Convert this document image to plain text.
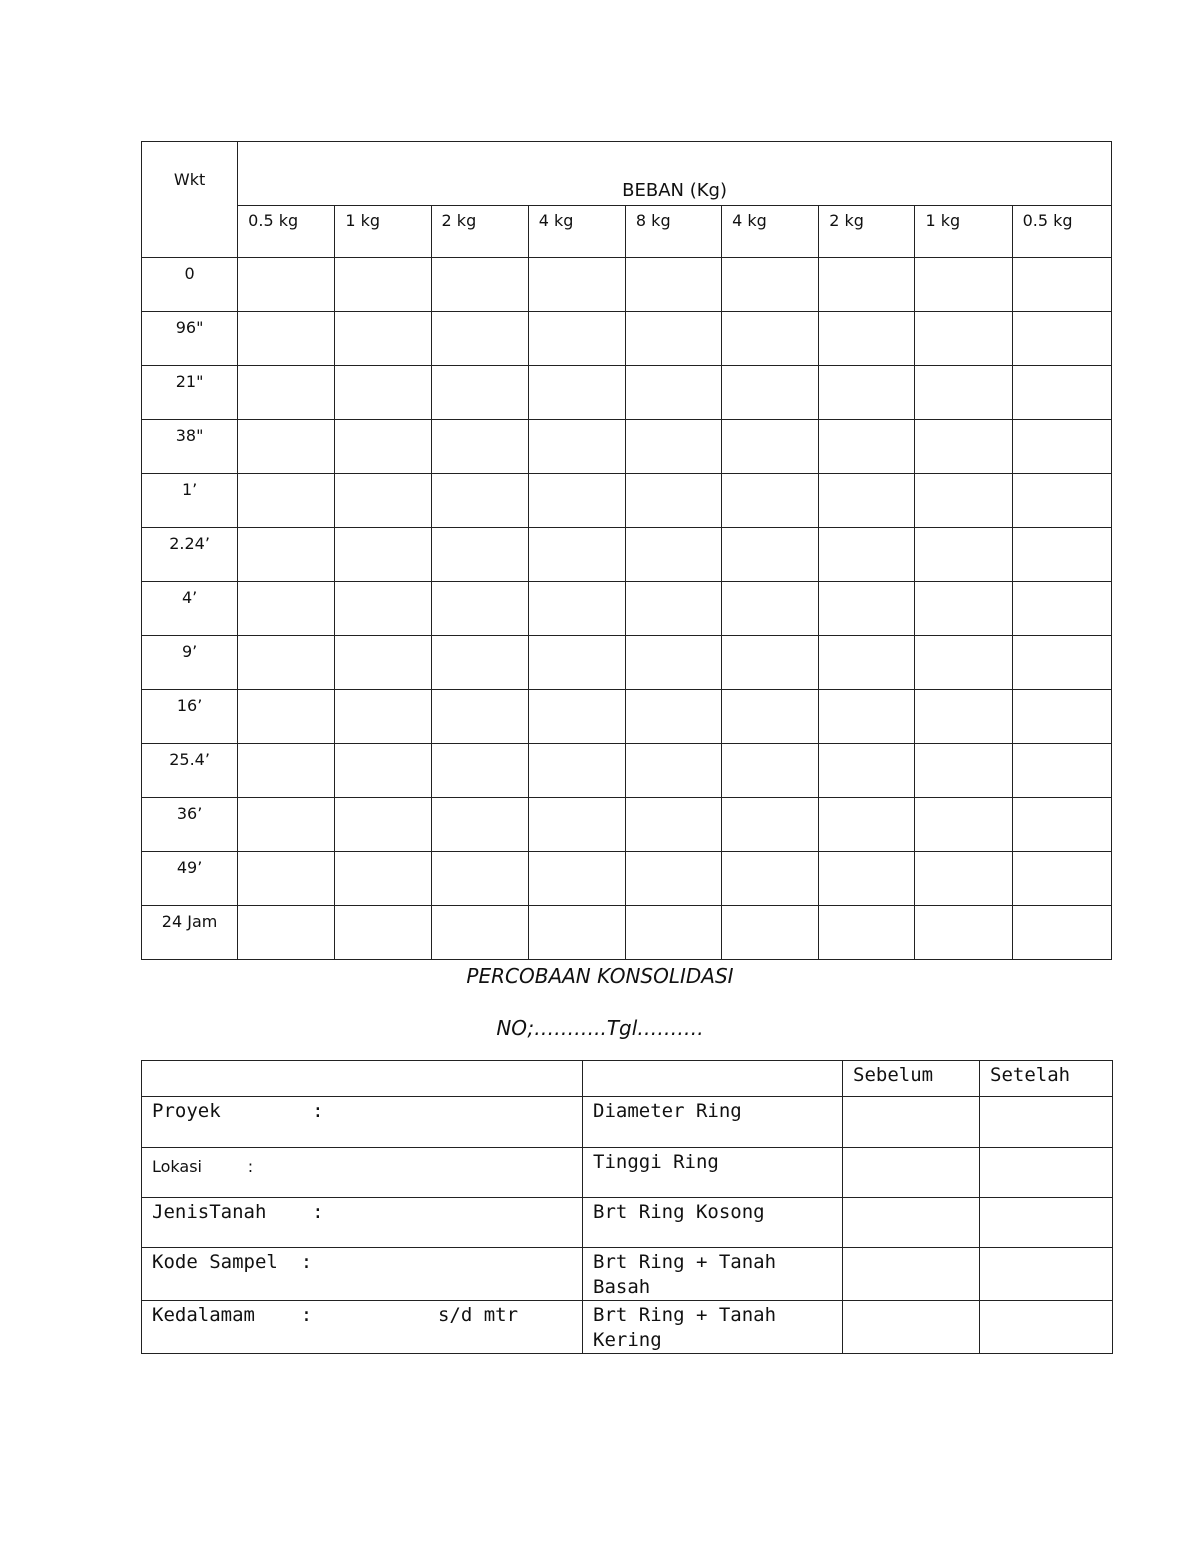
Wkt	BEBAN (Kg)								
	0.5 kg	1 kg	2 kg	4 kg	8 kg	4 kg	2 kg	1 kg	0.5 kg
0									
96"									
21"									
38"									
1’									
2.24’									
4’									
9’									
16’									
25.4’									
36’									
49’									
24 Jam									
PERCOBAAN KONSOLIDASI
NO;………..Tgl……….
		Sebelum	Setelah
Proyek        :	Diameter Ring		
Lokasi         :	Tinggi Ring		
JenisTanah    :	Brt Ring Kosong		
Kode Sampel  :	Brt Ring + Tanah Basah		
Kedalamam    :           s/d mtr	Brt Ring + Tanah Kering		
